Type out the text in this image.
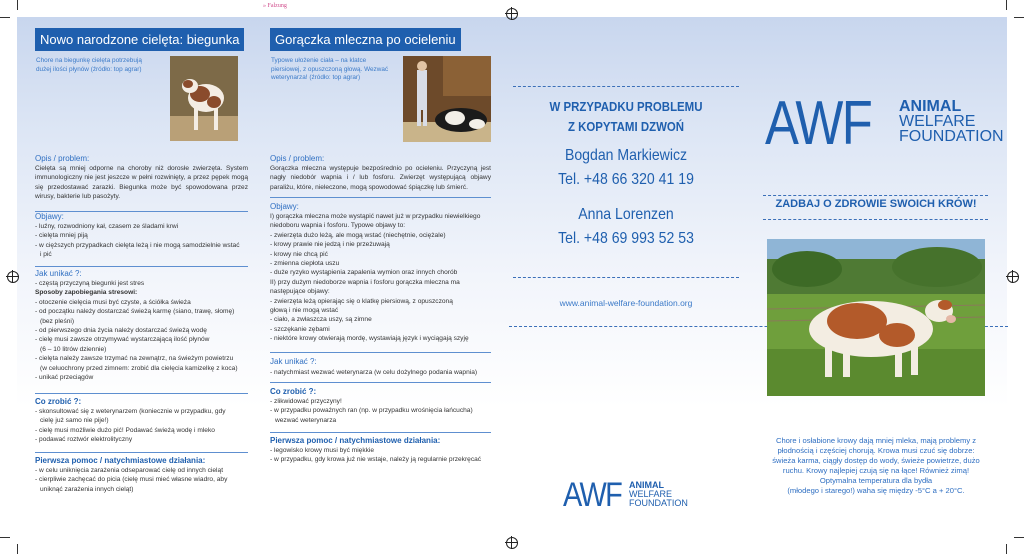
» Falzung
Nowo narodzone cielęta: biegunka
Chore na biegunkę cielęta potrzebują
dużej ilości płynów (źródło: top agrar)
Opis / problem:
Cielęta są mniej odporne na choroby niż dorosłe zwierzęta. System immunologiczny nie jest jeszcze w pełni rozwinięty, a przez pępek mogą się przedostawać zarazki. Biegunka może być spowodowana przez wirusy, bakterie lub pasożyty.
Objawy:
- luźny, rozwodniony kał, czasem ze śladami krwi
- cielęta mniej piją
- w cięższych przypadkach cielęta leżą i nie mogą samodzielnie wstać
i pić
Jak unikać ?:
- częstą przyczyną biegunki jest stres
Sposoby zapobiegania stresowi:
- otoczenie cielęcia musi być czyste, a ściółka świeża
- od początku należy dostarczać świeżą karmę (siano, trawę, słomę)
(bez pleśni)
- od pierwszego dnia życia należy dostarczać świeżą wodę
- cielę musi zawsze otrzymywać wystarczającą ilość płynów
(6 – 10 litrów dziennie)
- cielęta należy zawsze trzymać na zewnątrz, na świeżym powietrzu
(w celuochrony przed zimnem: zrobić dla cielęcia kamizelkę z koca)
- unikać przeciągów
Co zrobić ?:
- skonsultować się z weterynarzem (koniecznie w przypadku, gdy
cielę już samo nie pije!)
- cielę musi możliwie dużo pić! Podawać świeżą wodę i mleko
- podawać roztwór elektrolityczny
Pierwsza pomoc / natychmiastowe działania:
- w celu uniknięcia zarażenia odseparować cielę od innych cieląt
- cierpliwie zachęcać do picia (cielę musi mieć własne wiadro, aby
uniknąć zarażenia innych cieląt)
Gorączka mleczna po ocieleniu
Typowe ułożenie ciała – na klatce
piersiowej, z opuszczoną głową. Wezwać
weterynarza! (źródło: top agrar)
Opis / problem:
Gorączka mleczna występuje bezpośrednio po ocieleniu. Przyczyną jest nagły niedobór wapnia i / lub fosforu. Zwierzęt występującą objawy paraliżu, które, nieleczone, mogą spowodować śpiączkę lub śmierć.
Objawy:
I) gorączka mleczna może wystąpić nawet już w przypadku niewielkiego
niedoboru wapnia i fosforu. Typowe objawy to:
- zwierzęta dużo leżą, ale mogą wstać (niechętnie, ociężale)
- krowy prawie nie jedzą i nie przeżuwają
- krowy nie chcą pić
- zmienna ciepłota uszu
- duże ryzyko wystąpienia zapalenia wymion oraz innych chorób
II) przy dużym niedoborze wapnia i fosforu gorączka mleczna ma
następujące objawy:
- zwierzęta leżą opierając się o klatkę piersiową, z opuszczoną
głową i nie mogą wstać
- ciało, a zwłaszcza uszy, są zimne
- szczękanie zębami
- niektóre krowy otwierają mordę, wystawiają język i wyciągają szyję
Jak unikać ?:
- natychmiast wezwać weterynarza (w celu dożylnego podania wapnia)
Co zrobić ?:
- zlikwidować przyczyny!
- w przypadku poważnych ran (np. w przypadku wrośnięcia łańcucha)
wezwać weterynarza
Pierwsza pomoc / natychmiastowe działania:
- legowisko krowy musi być miękkie
- w przypadku, gdy krowa już nie wstaje, należy ją regularnie przekręcać
W PRZYPADKU PROBLEMU
Z KOPYTAMI DZWOŃ
Bogdan Markiewicz
Tel. +48 66 320 41 19
Anna Lorenzen
Tel. +48 69 993 52 53
www.animal-welfare-foundation.org
AWF ANIMAL
WELFARE
FOUNDATION
AWF ANIMAL
WELFARE
FOUNDATION
ZADBAJ O ZDROWIE SWOICH KRÓW!
Chore i osłabione krowy dają mniej mleka, mają problemy z
płodnością i częściej chorują. Krowa musi czuć się dobrze:
świeża karma, ciągły dostęp do wody, świeże powietrze, dużo
ruchu. Krowy najlepiej czują się na łące! Również zimą!
Optymalna temperatura dla bydła
(młodego i starego!) waha się między -5°C a + 20°C.
